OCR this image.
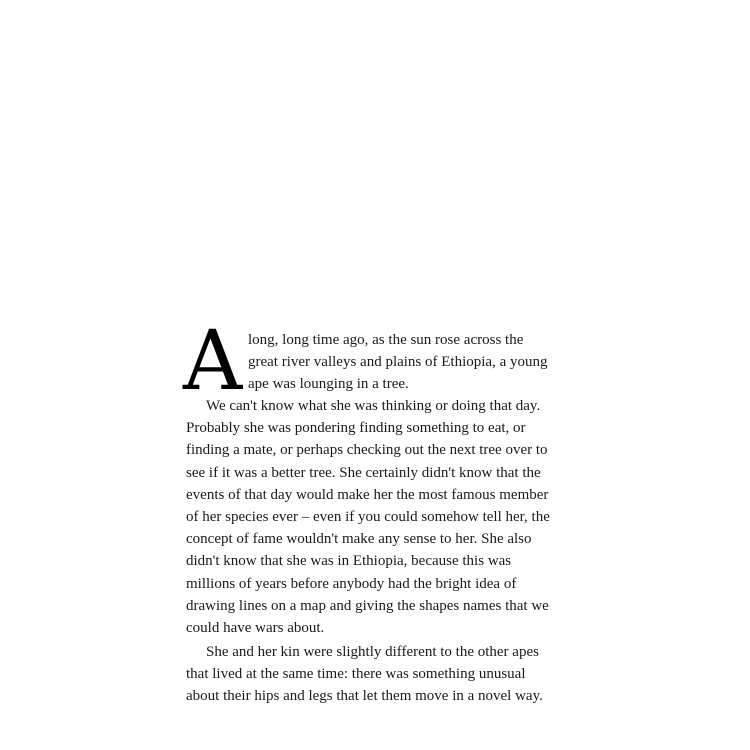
A long, long time ago, as the sun rose across the
great river valleys and plains of Ethiopia, a young
ape was lounging in a tree.
We can't know what she was thinking or doing that day.
Probably she was pondering finding something to eat, or
finding a mate, or perhaps checking out the next tree over to
see if it was a better tree. She certainly didn't know that the
events of that day would make her the most famous member
of her species ever – even if you could somehow tell her, the
concept of fame wouldn't make any sense to her. She also
didn't know that she was in Ethiopia, because this was
millions of years before anybody had the bright idea of
drawing lines on a map and giving the shapes names that we
could have wars about.
She and her kin were slightly different to the other apes
that lived at the same time: there was something unusual
about their hips and legs that let them move in a novel way.
